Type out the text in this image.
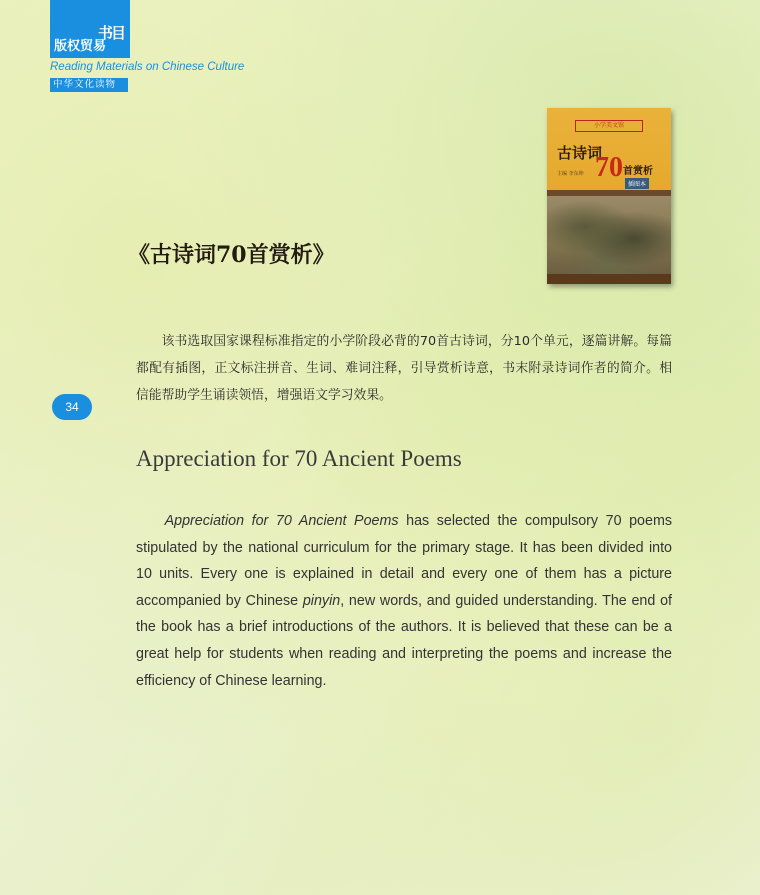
书目
版权贸易
Reading Materials on Chinese Culture
中华文化读物
34
小学美文馆
古诗词
70 首赏析
插图本
主编 李东坤
《古诗词70首赏析》

该书选取国家课程标准指定的小学阶段必背的70首古诗词，分10个单元，逐篇讲解。每篇都配有插图，正文标注拼音、生词、难词注释，引导赏析诗意，书末附录诗词作者的简介。相信能帮助学生诵读领悟，增强语文学习效果。

Appreciation for 70 Ancient Poems

Appreciation for 70 Ancient Poems has selected the compulsory 70 poems stipulated by the national curriculum for the primary stage. It has been divided into 10 units. Every one is explained in detail and every one of them has a picture accompanied by Chinese pinyin, new words, and guided understanding. The end of the book has a brief introductions of the authors. It is believed that these can be a great help for students when reading and interpreting the poems and increase the efficiency of Chinese learning.
